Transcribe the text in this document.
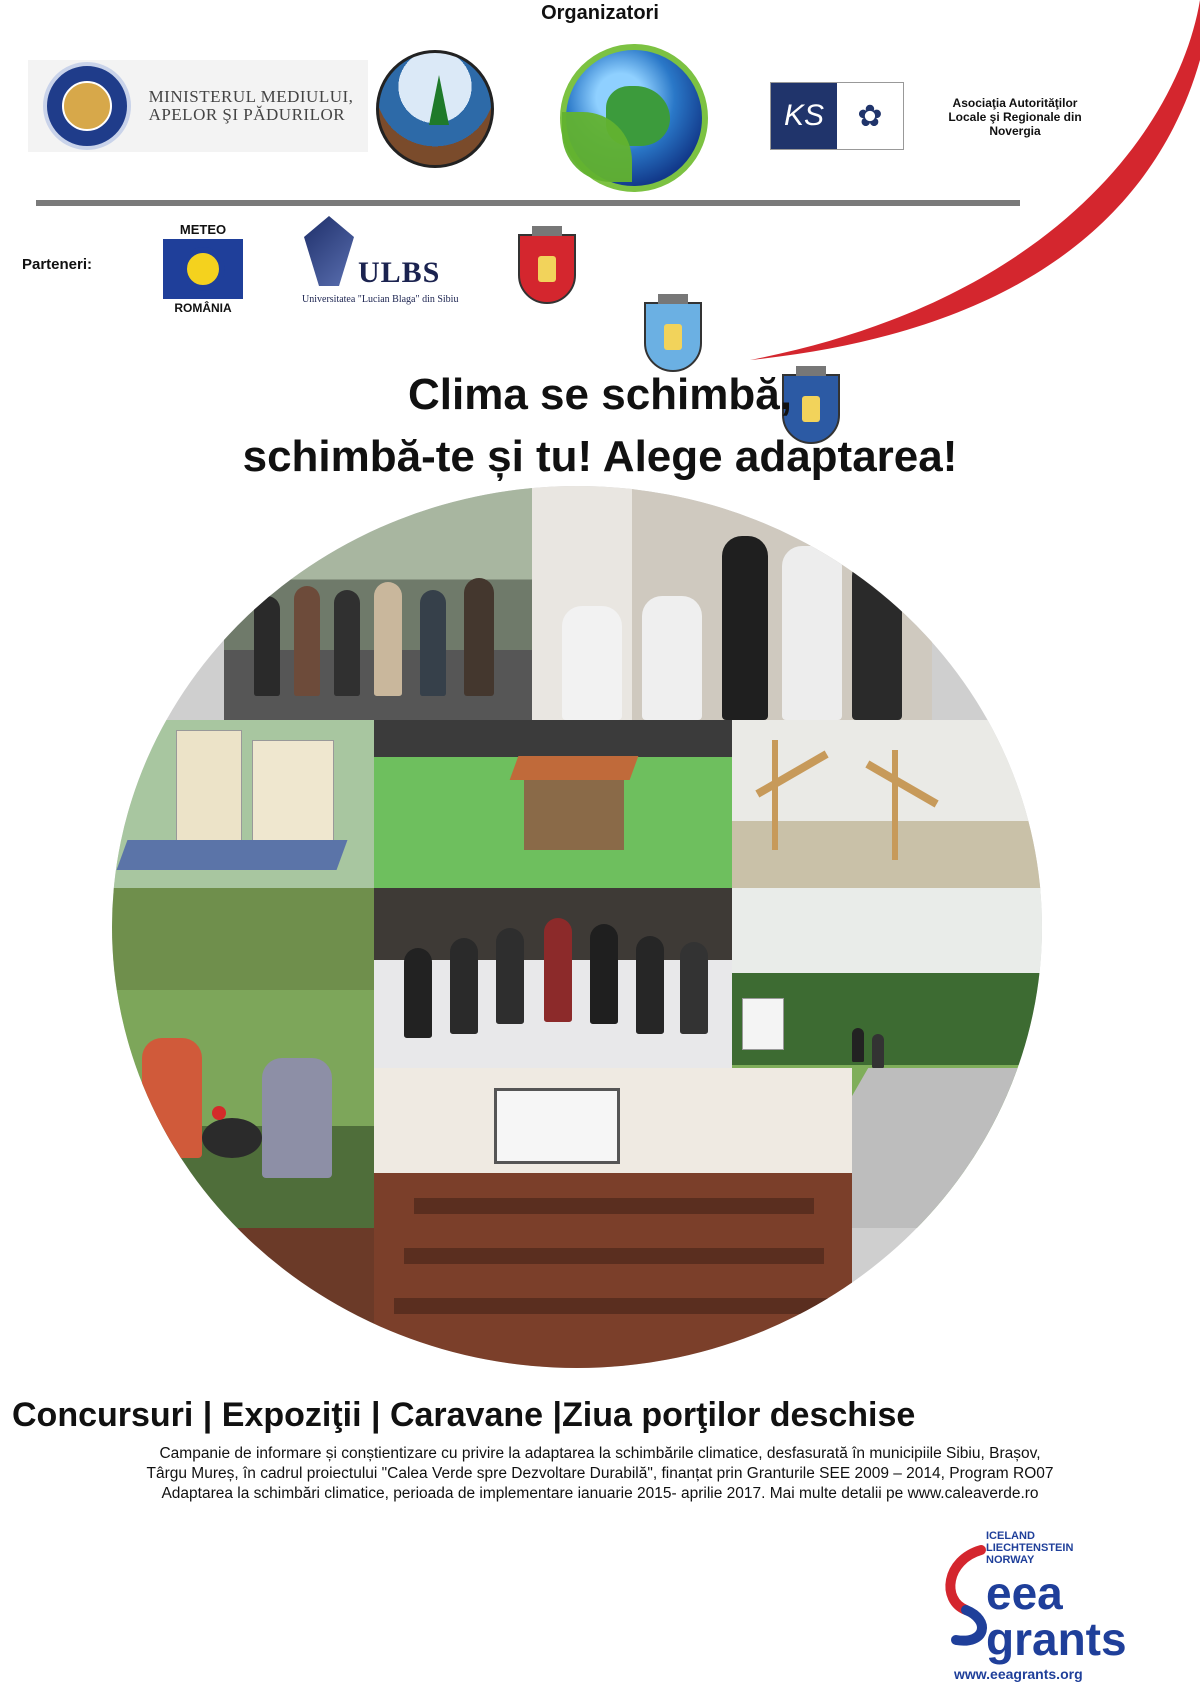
Organizatori
MINISTERUL MEDIULUI,
APELOR ŞI PĂDURILOR	KS	✿	Asociaţia Autorităţilor Locale şi Regionale din Novergia
Parteneri:
METEO
ROMÂNIA
ULBS
Universitatea "Lucian Blaga" din Sibiu
Clima se schimbă,
schimbă-te și tu! Alege adaptarea!
Concursuri | Expoziţii | Caravane |Ziua porţilor deschise
Campanie de informare și conștientizare cu privire la adaptarea la schimbările climatice, desfasurată în municipiile Sibiu, Brașov,
Târgu Mureș, în cadrul proiectului "Calea Verde spre Dezvoltare Durabilă", finanțat prin Granturile SEE 2009 – 2014, Program RO07
Adaptarea la schimbări climatice, perioada de implementare ianuarie 2015- aprilie 2017. Mai multe detalii pe www.caleaverde.ro
ICELAND
LIECHTENSTEIN
NORWAY
eea
grants
www.eeagrants.org
